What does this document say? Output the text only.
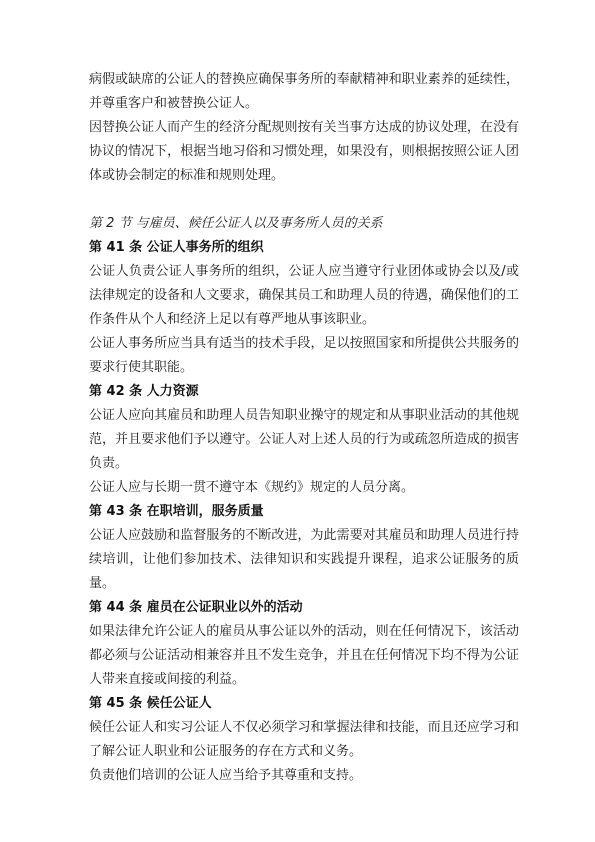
病假或缺席的公证人的替换应确保事务所的奉献精神和职业素养的延续性，并尊重客户和被替换公证人。

因替换公证人而产生的经济分配规则按有关当事方达成的协议处理，在没有协议的情况下，根据当地习俗和习惯处理，如果没有，则根据按照公证人团体或协会制定的标准和规则处理。

第 2 节 与雇员、候任公证人以及事务所人员的关系

第 41 条 公证人事务所的组织

公证人负责公证人事务所的组织，公证人应当遵守行业团体或协会以及/或法律规定的设备和人文要求，确保其员工和助理人员的待遇，确保他们的工作条件从个人和经济上足以有尊严地从事该职业。

公证人事务所应当具有适当的技术手段，足以按照国家和所提供公共服务的要求行使其职能。

第 42 条 人力资源

公证人应向其雇员和助理人员告知职业操守的规定和从事职业活动的其他规范，并且要求他们予以遵守。公证人对上述人员的行为或疏忽所造成的损害负责。

公证人应与长期一贯不遵守本《规约》规定的人员分离。

第 43 条 在职培训，服务质量

公证人应鼓励和监督服务的不断改进，为此需要对其雇员和助理人员进行持续培训，让他们参加技术、法律知识和实践提升课程，追求公证服务的质量。

第 44 条 雇员在公证职业以外的活动

如果法律允许公证人的雇员从事公证以外的活动，则在任何情况下，该活动都必须与公证活动相兼容并且不发生竞争，并且在任何情况下均不得为公证人带来直接或间接的利益。

第 45 条 候任公证人

候任公证人和实习公证人不仅必须学习和掌握法律和技能，而且还应学习和了解公证人职业和公证服务的存在方式和义务。

负责他们培训的公证人应当给予其尊重和支持。
